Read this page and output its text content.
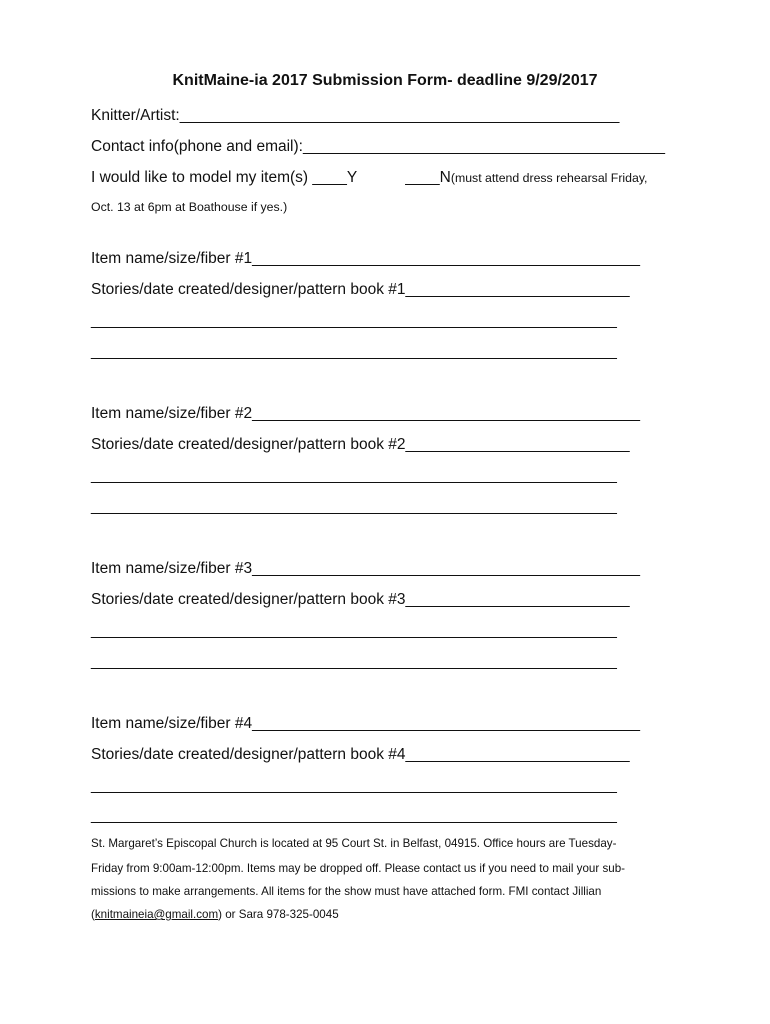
KnitMaine-ia 2017 Submission Form- deadline 9/29/2017
Knitter/Artist:___________________________________________________
Contact info(phone and email):__________________________________________
I would like to model my item(s) ____Y	____N(must attend dress rehearsal Friday,
Oct. 13 at 6pm at Boathouse if yes.)
Item name/size/fiber #1_____________________________________________
Stories/date created/designer/pattern book #1__________________________
_____________________________________________________________
_____________________________________________________________
Item name/size/fiber #2_____________________________________________
Stories/date created/designer/pattern book #2__________________________
_____________________________________________________________
_____________________________________________________________
Item name/size/fiber #3_____________________________________________
Stories/date created/designer/pattern book #3__________________________
_____________________________________________________________
_____________________________________________________________
Item name/size/fiber #4_____________________________________________
Stories/date created/designer/pattern book #4__________________________
_____________________________________________________________
_____________________________________________________________
St. Margaret’s Episcopal Church is located at 95 Court St. in Belfast, 04915. Office hours are Tuesday-
Friday from 9:00am-12:00pm. Items may be dropped off. Please contact us if you need to mail your sub-
missions to make arrangements. All items for the show must have attached form. FMI contact Jillian
(knitmaineia@gmail.com) or Sara 978-325-0045
